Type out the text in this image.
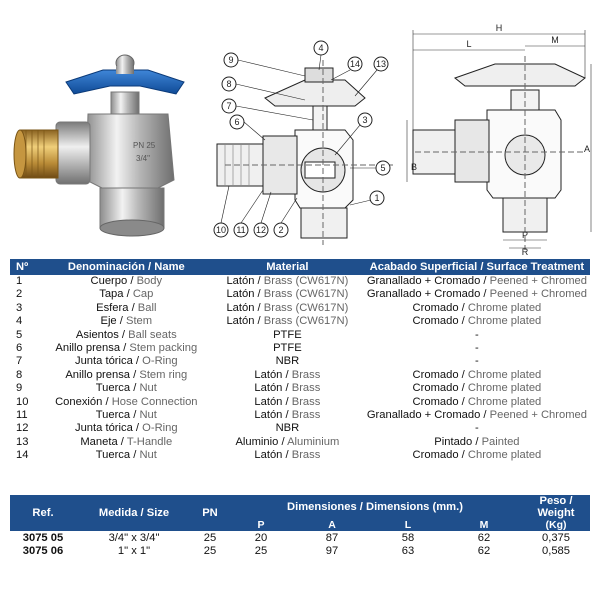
PN 25
3/4"
9
8
7
6
4
14 13
3
5
1
10 11 12 2
H
L	M
A
B
P
R
Nº	Denominación / Name	Material	Acabado Superficial / Surface Treatment
1	Cuerpo / Body	Latón / Brass (CW617N)	Granallado + Cromado / Peened + Chromed
2	Tapa / Cap	Latón / Brass (CW617N)	Granallado + Cromado / Peened + Chromed
3	Esfera / Ball	Latón / Brass (CW617N)	Cromado / Chrome plated
4	Eje / Stem	Latón / Brass (CW617N)	Cromado / Chrome plated
5	Asientos / Ball seats	PTFE	-
6	Anillo prensa / Stem packing	PTFE	-
7	Junta tórica / O-Ring	NBR	-
8	Anillo prensa / Stem ring	Latón / Brass	Cromado / Chrome plated
9	Tuerca / Nut	Latón / Brass	Cromado / Chrome plated
10	Conexión / Hose Connection	Latón / Brass	Cromado / Chrome plated
11	Tuerca / Nut	Latón / Brass	Granallado + Cromado / Peened + Chromed
12	Junta tórica / O-Ring	NBR	-
13	Maneta / T-Handle	Aluminio / Aluminium	Pintado / Painted
14	Tuerca / Nut	Latón / Brass	Cromado / Chrome plated
Ref.	Medida / Size	PN	Dimensiones / Dimensions (mm.)				Peso / Weight
			P	A	L	M	(Kg)
3075 05	3/4" x 3/4"	25	20	87	58	62	0,375
3075 06	1" x 1"	25	25	97	63	62	0,585
